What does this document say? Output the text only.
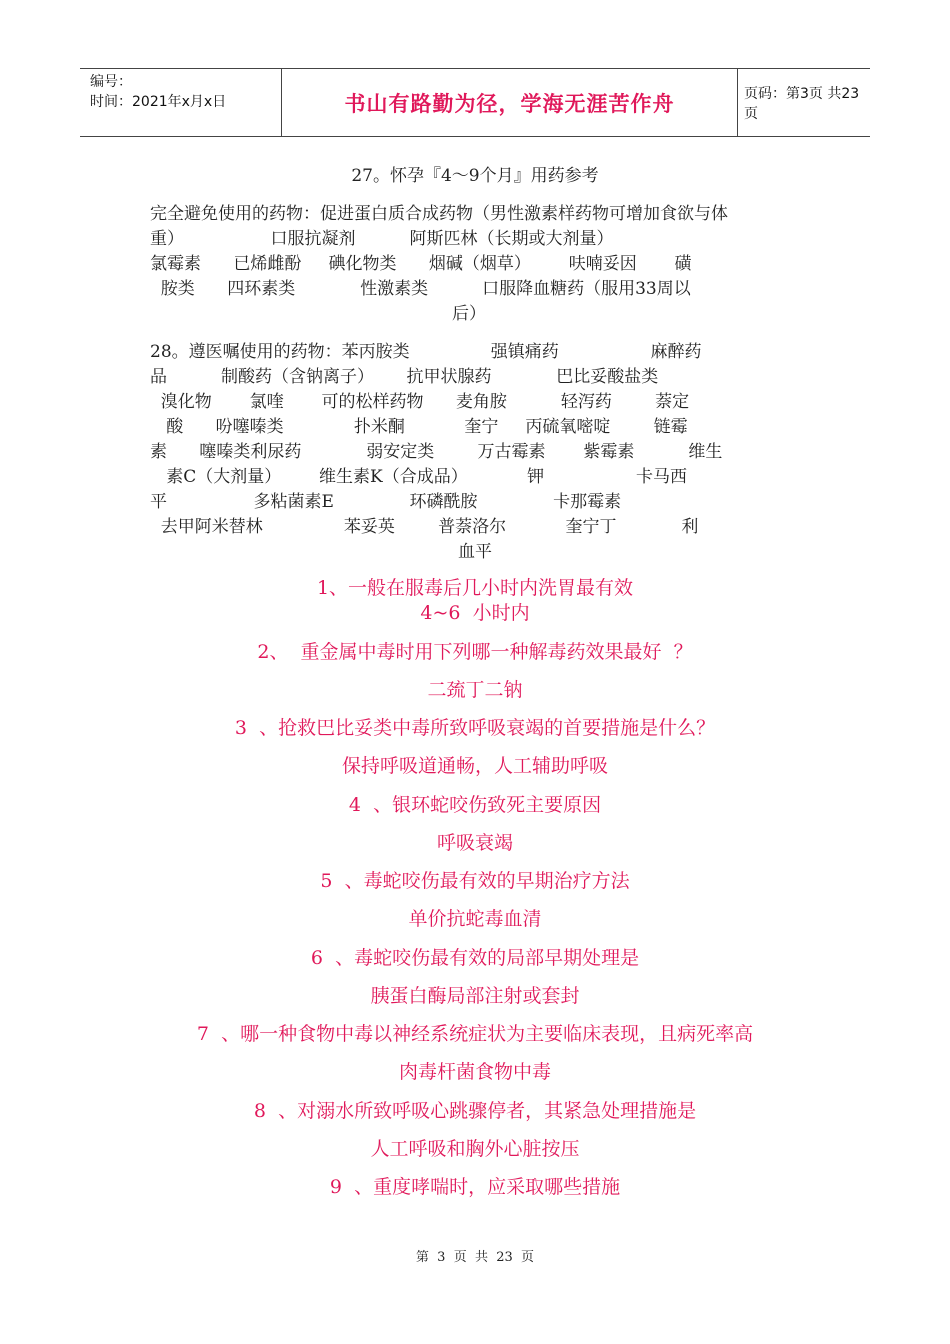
编号：
时间：2021年x月x日	书山有路勤为径，学海无涯苦作舟	页码：第3页 共23页
27。怀孕『4～9个月』用药参考
完全避免使用的药物：促进蛋白质合成药物（男性激素样药物可增加食欲与体
重）                口服抗凝剂          阿斯匹林（长期或大剂量）
氯霉素      已烯雌酚     碘化物类      烟碱（烟草）       呋喃妥因       磺
胺类      四环素类            性激素类          口服降血糖药（服用33周以
后）
28。遵医嘱使用的药物：苯丙胺类               强镇痛药                 麻醉药
品          制酸药（含钠离子）      抗甲状腺药            巴比妥酸盐类
溴化物       氯喹       可的松样药物      麦角胺          轻泻药        萘定
酸      吩噻嗪类             扑米酮           奎宁     丙硫氧嘧啶        链霉
素      噻嗪类利尿药            弱安定类        万古霉素       紫霉素          维生
素C（大剂量）       维生素K（合成品）           钾                 卡马西
平                多粘菌素E              环磷酰胺              卡那霉素
去甲阿米替林               苯妥英        普萘洛尔           奎宁丁            利
血平
1、一般在服毒后几小时内洗胃最有效
4~6  小时内
2、  重金属中毒时用下列哪一种解毒药效果最好  ？
二巯丁二钠
3  、抢救巴比妥类中毒所致呼吸衰竭的首要措施是什么？
保持呼吸道通畅，人工辅助呼吸
4  、银环蛇咬伤致死主要原因
呼吸衰竭
5  、毒蛇咬伤最有效的早期治疗方法
单价抗蛇毒血清
6  、毒蛇咬伤最有效的局部早期处理是
胰蛋白酶局部注射或套封
7  、哪一种食物中毒以神经系统症状为主要临床表现，且病死率高
肉毒杆菌食物中毒
8  、对溺水所致呼吸心跳骤停者，其紧急处理措施是
人工呼吸和胸外心脏按压
9  、重度哮喘时，应采取哪些措施
第  3  页  共  23  页
